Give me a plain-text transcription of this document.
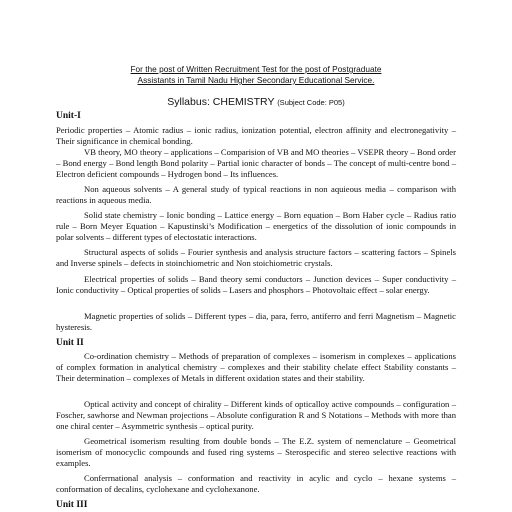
For the post of Written Recruitment Test for the post of Postgraduate
Assistants in Tamil Nadu Higher Secondary Educational Service.
Syllabus: CHEMISTRY (Subject Code: P05)
Unit-I

Periodic properties – Atomic radius – ionic radius, ionization potential, electron affinity and electronegativity – Their significance in chemical bonding.

VB theory, MO theory – applications – Comparision of VB and MO theories – VSEPR theory – Bond order – Bond energy – Bond length Bond polarity – Partial ionic character of bonds – The concept of multi-centre bond – Electron deficient compounds – Hydrogen bond – Its influences.

Non aqueous solvents – A general study of typical reactions in non aquieous media – comparison with reactions in aqueous media.

Solid state chemistry – Ionic bonding – Lattice energy – Born equation – Born Haber cycle – Radius ratio rule – Born Meyer Equation – Kapustinski’s Modification – energetics of the dissolution of ionic compounds in polar solvents – different types of electostatic interactions.

Structural aspects of solids – Fourier synthesis and analysis structure factors – scattering factors – Spinels and Inverse spinels – defects in stoinchiometric and Non stoichiometric crystals.

Electrical properties of solids – Band theory semi conductors – Junction devices – Super conductivity – Ionic conductivity – Optical properties of solids – Lasers and phosphors – Photovoltaic effect – solar energy.

Magnetic properties of solids – Different types – dia, para, ferro, antiferro and ferri Magnetism – Magnetic hysteresis.

Unit II

Co-ordination chemistry – Methods of preparation of complexes – isomerism in complexes – applications of complex formation in analytical chemistry – complexes and their stability chelate effect Stability constants – Their determination – complexes of Metals in different oxidation states and their stability.

Optical activity and concept of chirality – Different kinds of opticalloy active compounds – configuration – Foscher, sawhorse and Newman projections – Absolute configuration R and S Notations – Methods with more than one chiral center – Asymmetric synthesis – optical purity.

Geometrical isomerism resulting from double bonds – The E.Z. system of nemenclature – Geometrical isomerism of monocyclic compounds and fused ring systems – Sterospecific and stereo selective reactions with examples.

Conferrnational analysis – conformation and reactivity in acylic and cyclo – hexane systems – conformation of decalins, cyclohexane and cyclohexanone.

Unit III
